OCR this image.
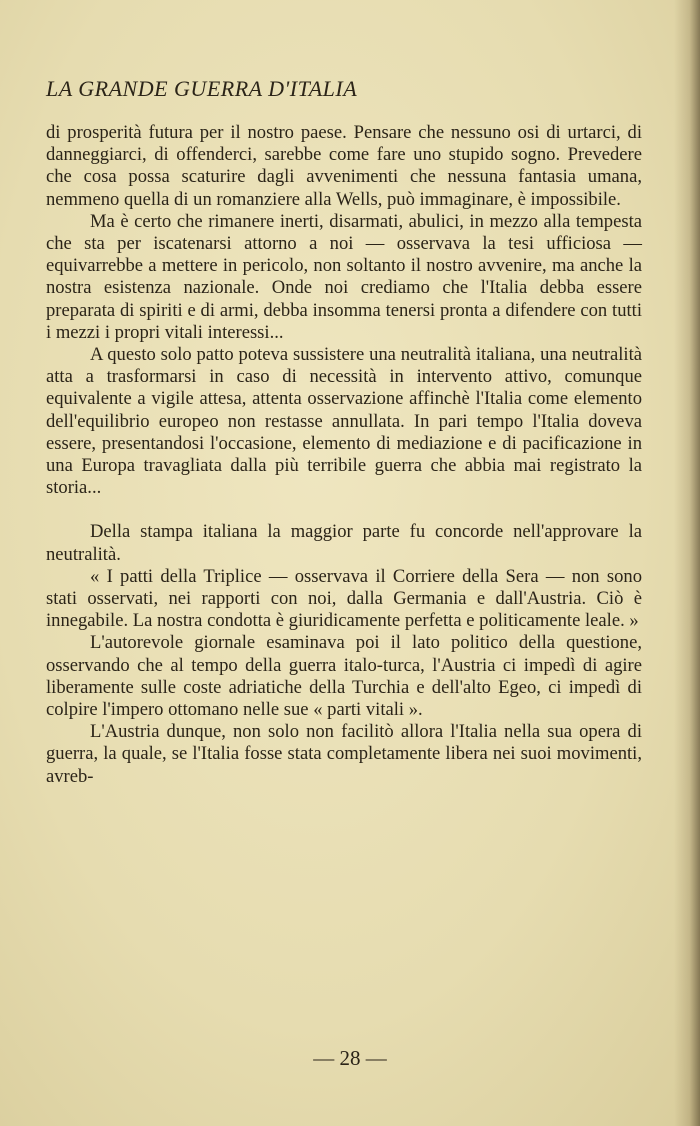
LA GRANDE GUERRA D'ITALIA

di prosperità futura per il nostro paese. Pensare che nessuno osi di urtarci, di danneggiarci, di offenderci, sarebbe come fare uno stupido sogno. Prevedere che cosa possa scaturire dagli avvenimenti che nessuna fantasia umana, nemmeno quella di un romanziere alla Wells, può immaginare, è impossibile.

Ma è certo che rimanere inerti, disarmati, abulici, in mezzo alla tempesta che sta per iscatenarsi attorno a noi — osservava la tesi ufficiosa — equivarrebbe a mettere in pericolo, non soltanto il nostro avvenire, ma anche la nostra esistenza nazionale. Onde noi crediamo che l'Italia debba essere preparata di spiriti e di armi, debba insomma tenersi pronta a difendere con tutti i mezzi i propri vitali interessi...

A questo solo patto poteva sussistere una neutralità italiana, una neutralità atta a trasformarsi in caso di necessità in intervento attivo, comunque equivalente a vigile attesa, attenta osservazione affinchè l'Italia come elemento dell'equilibrio europeo non restasse annullata. In pari tempo l'Italia doveva essere, presentandosi l'occasione, elemento di mediazione e di pacificazione in una Europa travagliata dalla più terribile guerra che abbia mai registrato la storia...

Della stampa italiana la maggior parte fu concorde nell'approvare la neutralità.

« I patti della Triplice — osservava il Corriere della Sera — non sono stati osservati, nei rapporti con noi, dalla Germania e dall'Austria. Ciò è innegabile. La nostra condotta è giuridicamente perfetta e politicamente leale. »

L'autorevole giornale esaminava poi il lato politico della questione, osservando che al tempo della guerra italo-turca, l'Austria ci impedì di agire liberamente sulle coste adriatiche della Turchia e dell'alto Egeo, ci impedì di colpire l'impero ottomano nelle sue « parti vitali ».

L'Austria dunque, non solo non facilitò allora l'Italia nella sua opera di guerra, la quale, se l'Italia fosse stata completamente libera nei suoi movimenti, avreb-

— 28 —
